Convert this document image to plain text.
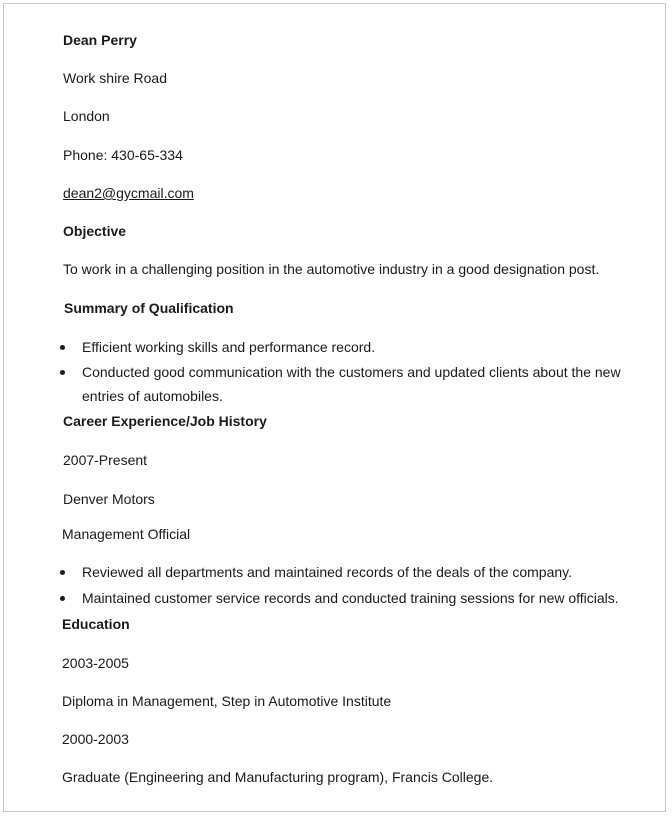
Dean Perry
Work shire Road
London
Phone: 430-65-334
dean2@gycmail.com
Objective
To work in a challenging position in the automotive industry in a good designation post.
Summary of Qualification
Efficient working skills and performance record.
Conducted good communication with the customers and updated clients about the new entries of automobiles.
Career Experience/Job History
2007-Present
Denver Motors
Management Official
Reviewed all departments and maintained records of the deals of the company.
Maintained customer service records and conducted training sessions for new officials.
Education
2003-2005
Diploma in Management, Step in Automotive Institute
2000-2003
Graduate (Engineering and Manufacturing program), Francis College.
